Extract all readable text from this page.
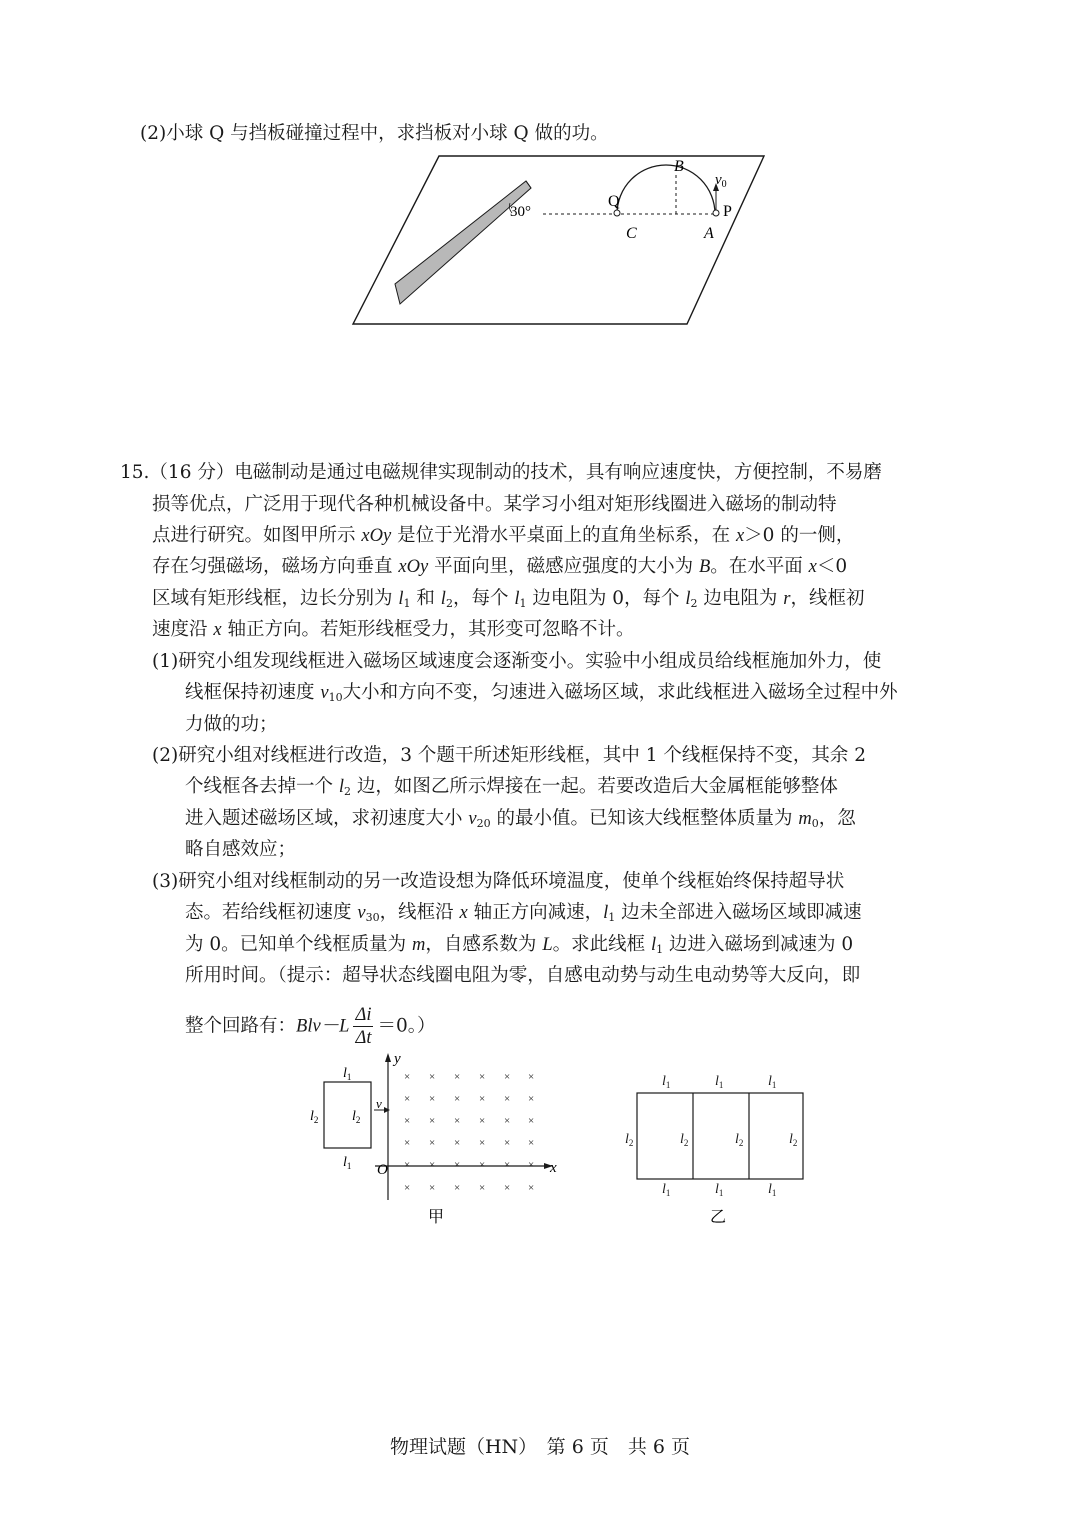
(2)小球 Q 与挡板碰撞过程中，求挡板对小球 Q 做的功。
30°
B
$v_0$
Q
P
C	A
15.（16 分）电磁制动是通过电磁规律实现制动的技术，具有响应速度快，方便控制，不易磨
损等优点，广泛用于现代各种机械设备中。某学习小组对矩形线圈进入磁场的制动特
点进行研究。如图甲所示 xOy 是位于光滑水平桌面上的直角坐标系，在 x＞0 的一侧，
存在匀强磁场，磁场方向垂直 xOy 平面向里，磁感应强度的大小为 B。在水平面 x＜0
区域有矩形线框，边长分别为 $l_1$ 和 $l_2$，每个 $l_1$ 边电阻为 0，每个 $l_2$ 边电阻为 r，线框初
速度沿 x 轴正方向。若矩形线框受力，其形变可忽略不计。
(1)研究小组发现线框进入磁场区域速度会逐渐变小。实验中小组成员给线框施加外力，使
线框保持初速度 $v_{10}$大小和方向不变，匀速进入磁场区域，求此线框进入磁场全过程中外
力做的功；
(2)研究小组对线框进行改造，3 个题干所述矩形线框，其中 1 个线框保持不变，其余 2
个线框各去掉一个 $l_2$ 边，如图乙所示焊接在一起。若要改造后大金属框能够整体
进入题述磁场区域，求初速度大小 $v_{20}$ 的最小值。已知该大线框整体质量为 $m_0$，忽
略自感效应；
(3)研究小组对线框制动的另一改造设想为降低环境温度，使单个线框始终保持超导状
态。若给线框初速度 $v_{30}$，线框沿 x 轴正方向减速，$l_1$ 边未全部进入磁场区域即减速
为 0。已知单个线框质量为 m，自感系数为 L。求此线框 $l_1$ 边进入磁场到减速为 0
所用时间。（提示：超导状态线圈电阻为零，自感电动势与动生电动势等大反向，即
整个回路有：$Blv-L \frac{\Delta i}{\Delta t} =0$。）
× × × × × ×
× × × × × ×
× × × × × ×
× × × × × ×
× × × × × ×
× × × × × ×
y
x
O
v
$l_1$
$l_1$
$l_2$ $l_2$
甲
$l_1$	$l_1$	$l_1$
$l_1$	$l_1$	$l_1$
$l_2$	$l_2$	$l_2$	$l_2$
乙
物理试题（HN）　第 6 页　共 6 页
